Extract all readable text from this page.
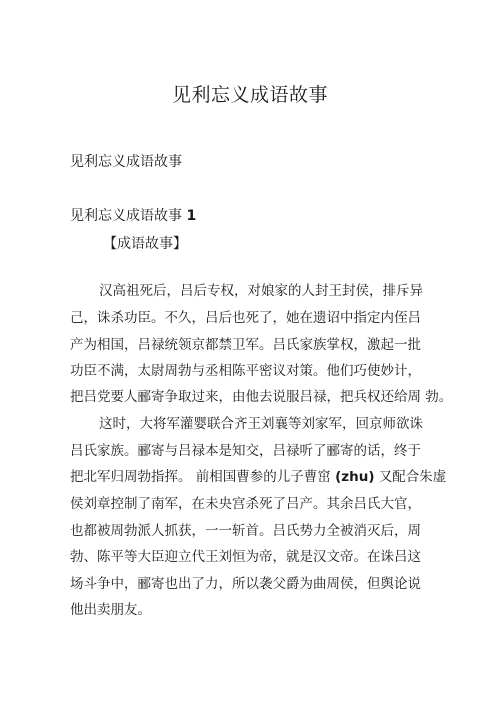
见利忘义成语故事
见利忘义成语故事
见利忘义成语故事 1
【成语故事】
汉高祖死后，吕后专权，对娘家的人封王封侯，排斥异
己，诛杀功臣。不久，吕后也死了，她在遗诏中指定内侄吕
产为相国，吕禄统领京都禁卫军。吕氏家族掌权，激起一批
功臣不满，太尉周勃与丞相陈平密议对策。他们巧使妙计，
把吕党要人郦寄争取过来，由他去说服吕禄，把兵权还给周 勃。
这时，大将军灌婴联合齐王刘襄等刘家军，回京师欲诛
吕氏家族。郦寄与吕禄本是知交，吕禄听了郦寄的话，终于
把北军归周勃指挥。 前相国曹参的儿子曹窋 (zhu) 又配合朱虚
侯刘章控制了南军，在未央宫杀死了吕产。其余吕氏大官，
也都被周勃派人抓获，一一斩首。吕氏势力全被消灭后，周
勃、陈平等大臣迎立代王刘恒为帝，就是汉文帝。在诛吕这
场斗争中，郦寄也出了力，所以袭父爵为曲周侯，但舆论说
他出卖朋友。
